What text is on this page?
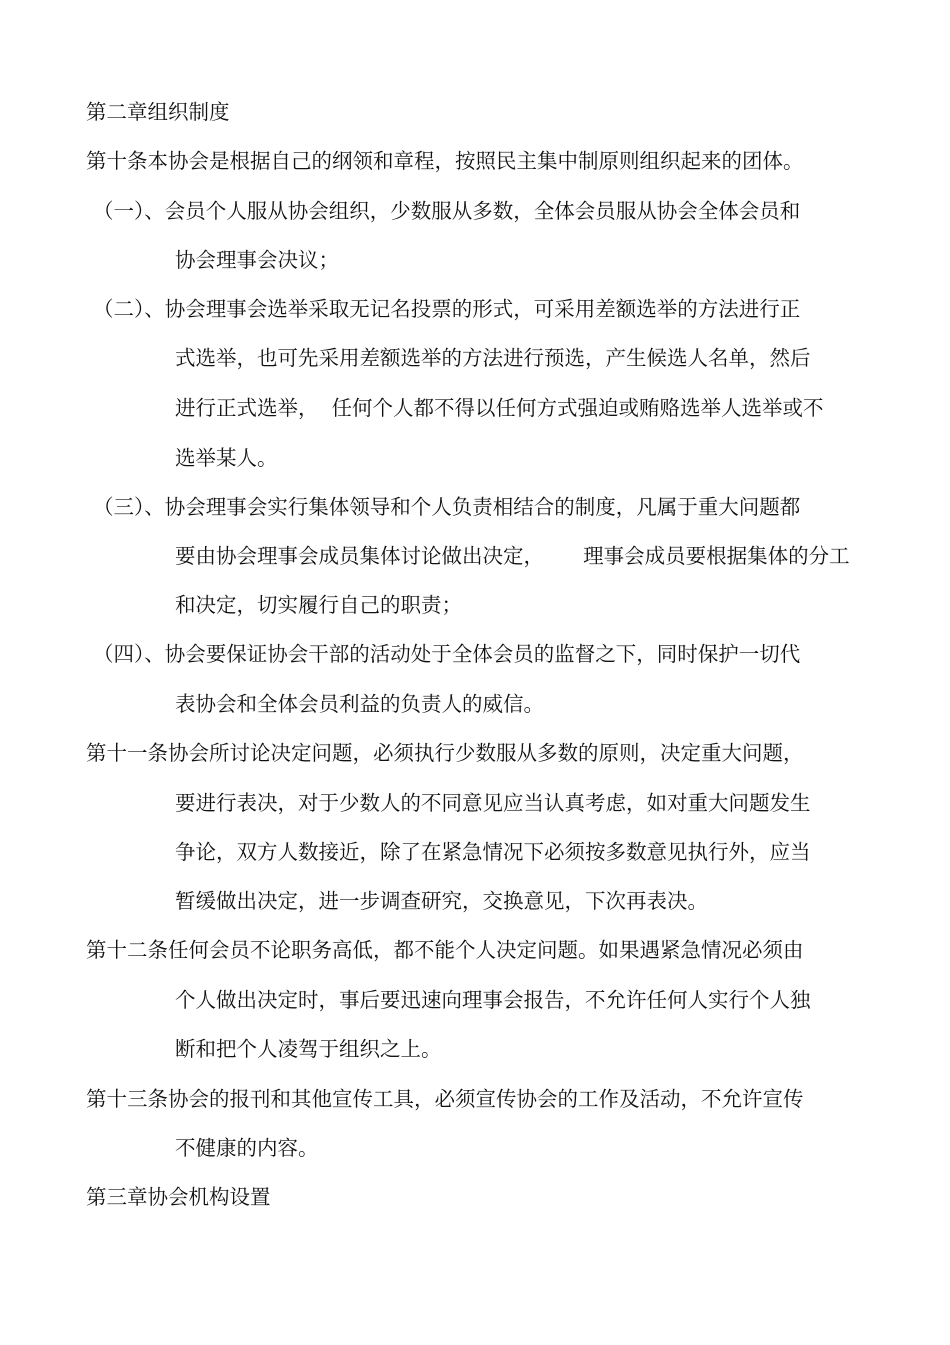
第二章组织制度
第十条本协会是根据自己的纲领和章程，按照民主集中制原则组织起来的团体。
（一）、会员个人服从协会组织，少数服从多数，全体会员服从协会全体会员和
协会理事会决议；
（二）、协会理事会选举采取无记名投票的形式，可采用差额选举的方法进行正
式选举，也可先采用差额选举的方法进行预选，产生候选人名单，然后
进行正式选举，  任何个人都不得以任何方式强迫或贿赂选举人选举或不
选举某人。
（三）、协会理事会实行集体领导和个人负责相结合的制度，凡属于重大问题都
要由协会理事会成员集体讨论做出决定，      理事会成员要根据集体的分工
和决定，切实履行自己的职责；
（四）、协会要保证协会干部的活动处于全体会员的监督之下，同时保护一切代
表协会和全体会员利益的负责人的威信。
第十一条协会所讨论决定问题，必须执行少数服从多数的原则，决定重大问题，
要进行表决，对于少数人的不同意见应当认真考虑，如对重大问题发生
争论，双方人数接近，除了在紧急情况下必须按多数意见执行外，应当
暂缓做出决定，进一步调查研究，交换意见，下次再表决。
第十二条任何会员不论职务高低，都不能个人决定问题。如果遇紧急情况必须由
个人做出决定时，事后要迅速向理事会报告，不允许任何人实行个人独
断和把个人凌驾于组织之上。
第十三条协会的报刊和其他宣传工具，必须宣传协会的工作及活动，不允许宣传
不健康的内容。
第三章协会机构设置
